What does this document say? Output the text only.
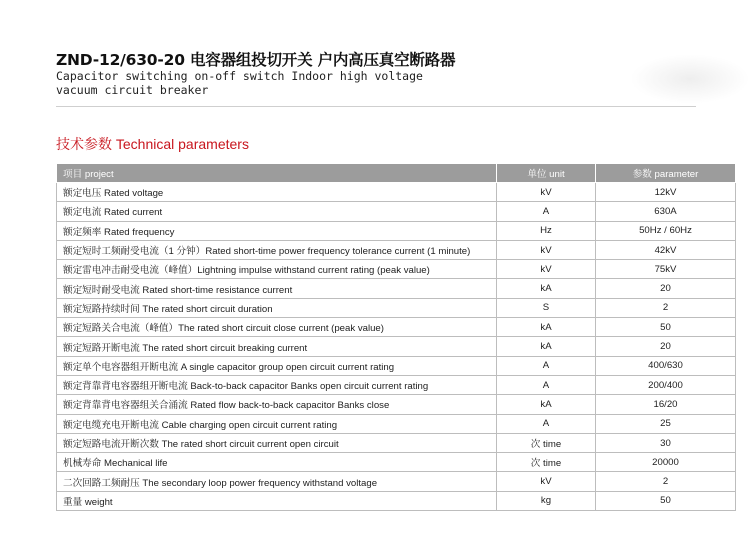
ZND-12/630-20 电容器组投切开关 户内高压真空断路器
Capacitor switching on-off switch Indoor high voltage
vacuum circuit breaker
技术参数 Technical parameters
项目 project	单位 unit	参数 parameter
额定电压 Rated voltage	kV	12kV
额定电流 Rated current	A	630A
额定频率 Rated frequency	Hz	50Hz / 60Hz
额定短时工频耐受电流（1 分钟）Rated short-time power frequency tolerance current (1 minute)	kV	42kV
额定雷电冲击耐受电流（峰值）Lightning impulse withstand current rating (peak value)	kV	75kV
额定短时耐受电流 Rated short-time resistance current	kA	20
额定短路持续时间 The rated short circuit duration	S	2
额定短路关合电流（峰值）The rated short circuit close current (peak value)	kA	50
额定短路开断电流 The rated short circuit breaking current	kA	20
额定单个电容器组开断电流 A single capacitor group open circuit current rating	A	400/630
额定背靠背电容器组开断电流 Back-to-back capacitor Banks open circuit current rating	A	200/400
额定背靠背电容器组关合涌流 Rated flow back-to-back capacitor Banks close	kA	16/20
额定电缆充电开断电流 Cable charging open circuit current rating	A	25
额定短路电流开断次数 The rated short circuit current open circuit	次 time	30
机械寿命 Mechanical life	次 time	20000
二次回路工频耐压 The secondary loop power frequency withstand voltage	kV	2
重量 weight	kg	50
